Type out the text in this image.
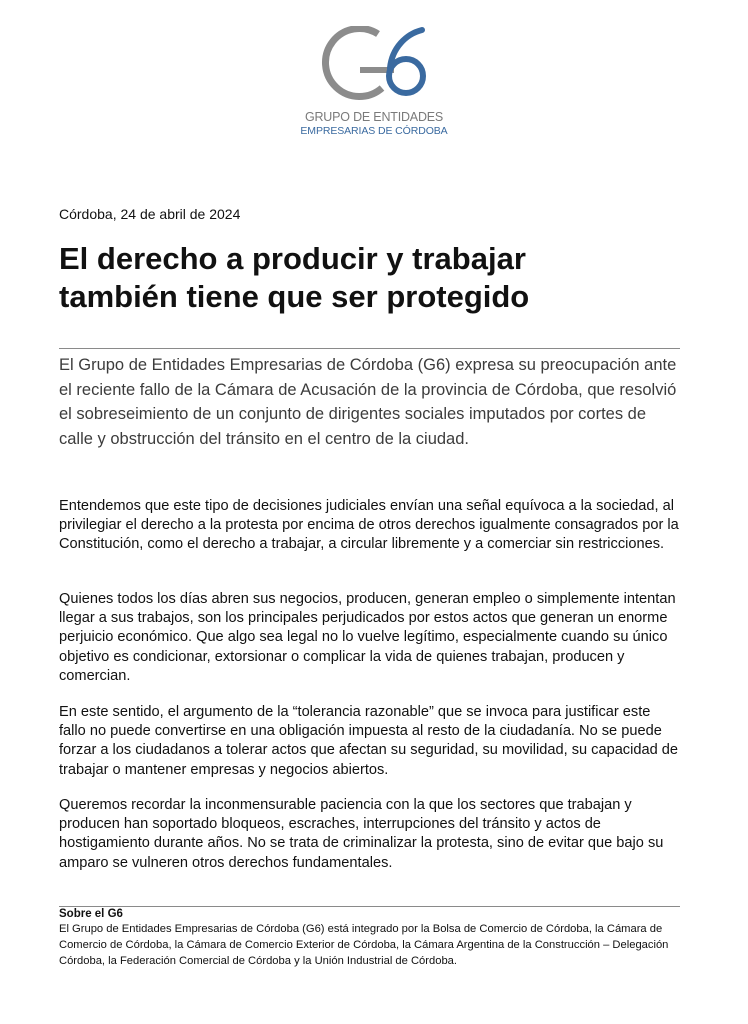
GRUPO DE ENTIDADES
EMPRESARIAS DE CÓRDOBA
Córdoba, 24 de abril de 2024
El derecho a producir y trabajar
también tiene que ser protegido

El Grupo de Entidades Empresarias de Córdoba (G6) expresa su preocupación ante el reciente fallo de la Cámara de Acusación de la provincia de Córdoba, que resolvió el sobreseimiento de un conjunto de dirigentes sociales imputados por cortes de calle y obstrucción del tránsito en el centro de la ciudad.

Entendemos que este tipo de decisiones judiciales envían una señal equívoca a la sociedad, al privilegiar el derecho a la protesta por encima de otros derechos igualmente consagrados por la Constitución, como el derecho a trabajar, a circular libremente y a comerciar sin restricciones.

Quienes todos los días abren sus negocios, producen, generan empleo o simplemente intentan llegar a sus trabajos, son los principales perjudicados por estos actos que generan un enorme perjuicio económico. Que algo sea legal no lo vuelve legítimo, especialmente cuando su único objetivo es condicionar, extorsionar o complicar la vida de quienes trabajan, producen y comercian.

En este sentido, el argumento de la “tolerancia razonable” que se invoca para justificar este fallo no puede convertirse en una obligación impuesta al resto de la ciudadanía. No se puede forzar a los ciudadanos a tolerar actos que afectan su seguridad, su movilidad, su capacidad de trabajar o mantener empresas y negocios abiertos.

Queremos recordar la inconmensurable paciencia con la que los sectores que trabajan y producen han soportado bloqueos, escraches, interrupciones del tránsito y actos de hostigamiento durante años. No se trata de criminalizar la protesta, sino de evitar que bajo su amparo se vulneren otros derechos fundamentales.

Sobre el G6

El Grupo de Entidades Empresarias de Córdoba (G6) está integrado por la Bolsa de Comercio de Córdoba, la Cámara de Comercio de Córdoba, la Cámara de Comercio Exterior de Córdoba, la Cámara Argentina de la Construcción – Delegación Córdoba, la Federación Comercial de Córdoba y la Unión Industrial de Córdoba.
